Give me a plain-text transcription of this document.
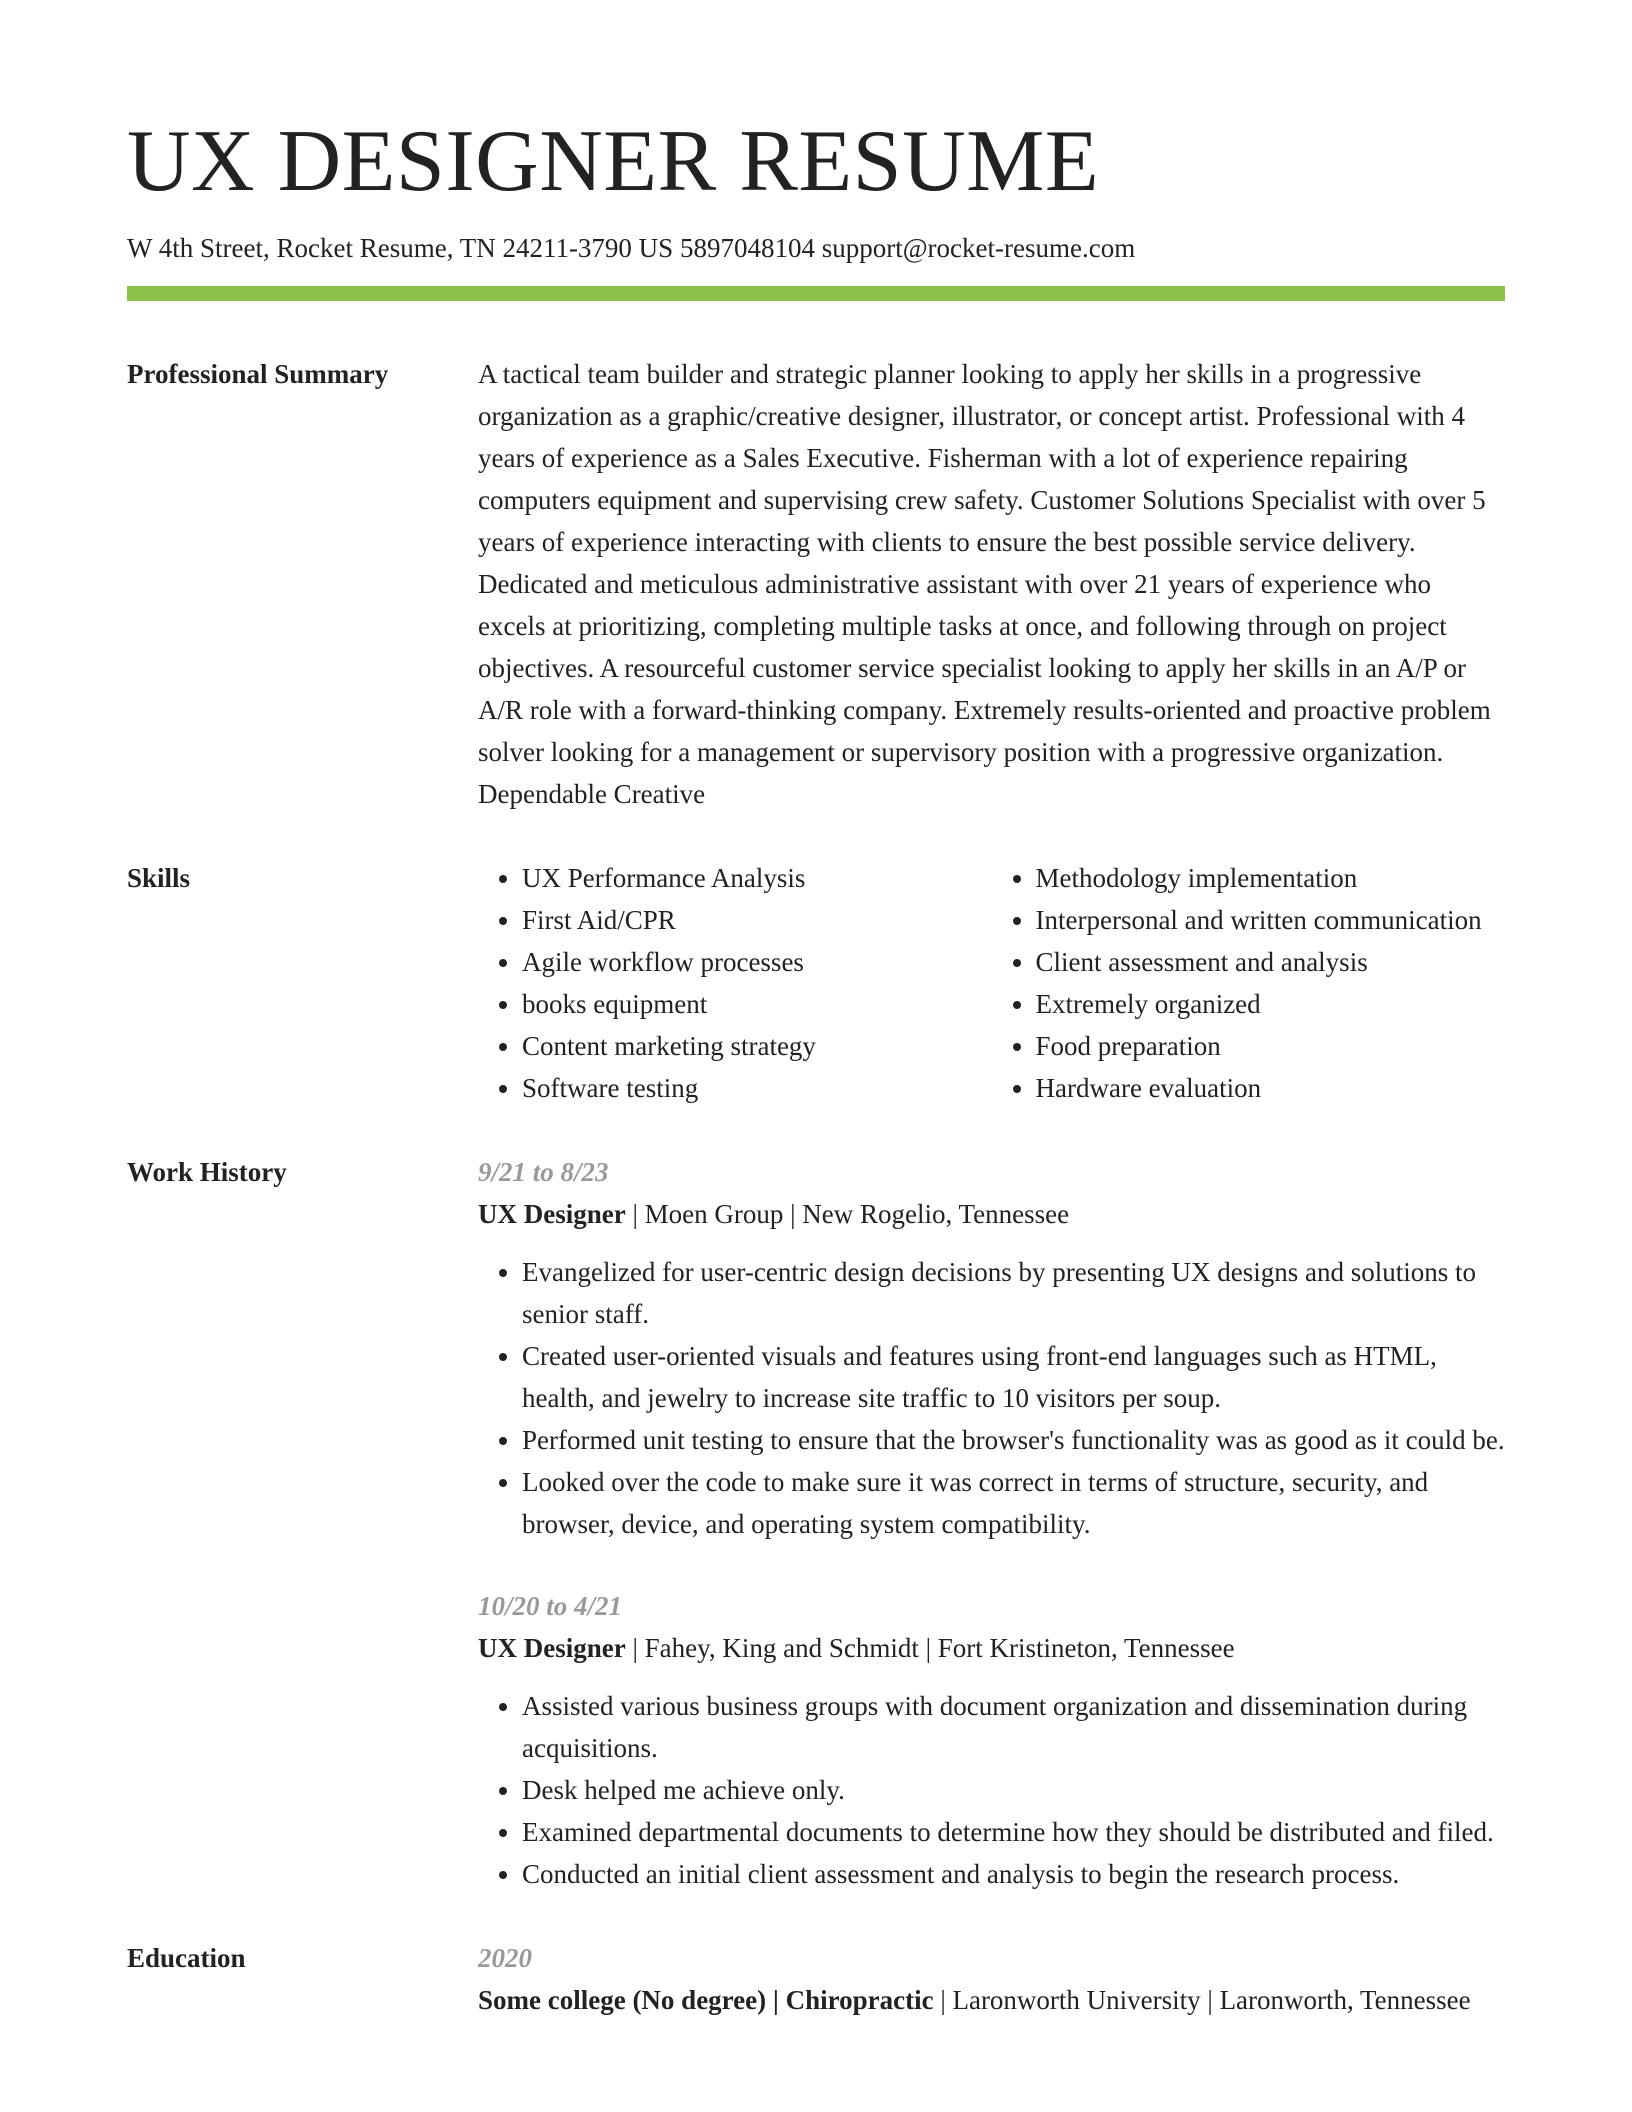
UX DESIGNER RESUME
W 4th Street, Rocket Resume, TN 24211-3790 US 5897048104 support@rocket-resume.com
Professional Summary	A tactical team builder and strategic planner looking to apply her skills in a progressive organization as a graphic/creative designer, illustrator, or concept artist. Professional with 4 years of experience as a Sales Executive. Fisherman with a lot of experience repairing computers equipment and supervising crew safety. Customer Solutions Specialist with over 5 years of experience interacting with clients to ensure the best possible service delivery. Dedicated and meticulous administrative assistant with over 21 years of experience who excels at prioritizing, completing multiple tasks at once, and following through on project objectives. A resourceful customer service specialist looking to apply her skills in an A/P or A/R role with a forward-thinking company. Extremely results-oriented and proactive problem solver looking for a management or supervisory position with a progressive organization. Dependable Creative

Skills
•	UX Performance Analysis
• First Aid/CPR
• Agile workflow processes
• books equipment
• Content marketing strategy
• Software testing
• Methodology implementation
• Interpersonal and written communication
• Client assessment and analysis
• Extremely organized
• Food preparation
• Hardware evaluation
Work History	9/21 to 8/23
UX Designer | Moen Group | New Rogelio, Tennessee
• Evangelized for user-centric design decisions by presenting UX designs and solutions to senior staff.
• Created user-oriented visuals and features using front-end languages such as HTML, health, and jewelry to increase site traffic to 10 visitors per soup.
• Performed unit testing to ensure that the browser's functionality was as good as it could be.
• Looked over the code to make sure it was correct in terms of structure, security, and browser, device, and operating system compatibility.
10/20 to 4/21
UX Designer | Fahey, King and Schmidt | Fort Kristineton, Tennessee
• Assisted various business groups with document organization and dissemination during acquisitions.
• Desk helped me achieve only.
• Examined departmental documents to determine how they should be distributed and filed.
• Conducted an initial client assessment and analysis to begin the research process.
Education	2020
Some college (No degree) | Chiropractic | Laronworth University | Laronworth, Tennessee
